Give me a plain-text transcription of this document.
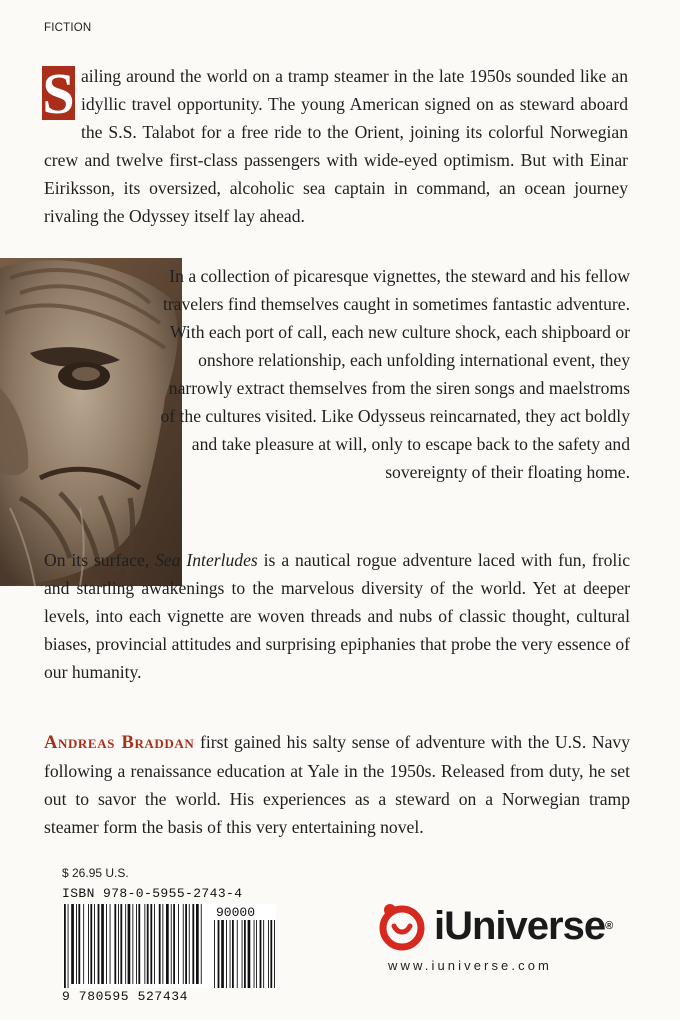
FICTION

S ailing around the world on a tramp steamer in the late 1950s sounded like an idyllic travel opportunity. The young American signed on as steward aboard the S.S. Talabot for a free ride to the Orient, joining its colorful Norwegian crew and twelve first-class passengers with wide-eyed optimism. But with Einar Eiriksson, its oversized, alcoholic sea captain in command, an ocean journey rivaling the Odyssey itself lay ahead.

In a collection of picaresque vignettes, the steward and his fellow travelers find themselves caught in sometimes fantastic adventure. With each port of call, each new culture shock, each shipboard or onshore relationship, each unfolding international event, they narrowly extract themselves from the siren songs and maelstroms of the cultures visited. Like Odysseus reincarnated, they act boldly and take pleasure at will, only to escape back to the safety and sovereignty of their floating home.

On its surface, Sea Interludes is a nautical rogue adventure laced with fun, frolic and startling awakenings to the marvelous diversity of the world. Yet at deeper levels, into each vignette are woven threads and nubs of classic thought, cultural biases, provincial attitudes and surprising epiphanies that probe the very essence of our humanity.

Andreas Braddan first gained his salty sense of adventure with the U.S. Navy following a renaissance education at Yale in the 1950s. Released from duty, he set out to savor the world. His experiences as a steward on a Norwegian tramp steamer form the basis of this very entertaining novel.

$ 26.95 U.S.
ISBN 978-0-5955-2743-4
90000
9 780595 527434
iUniverse®
www.iuniverse.com
